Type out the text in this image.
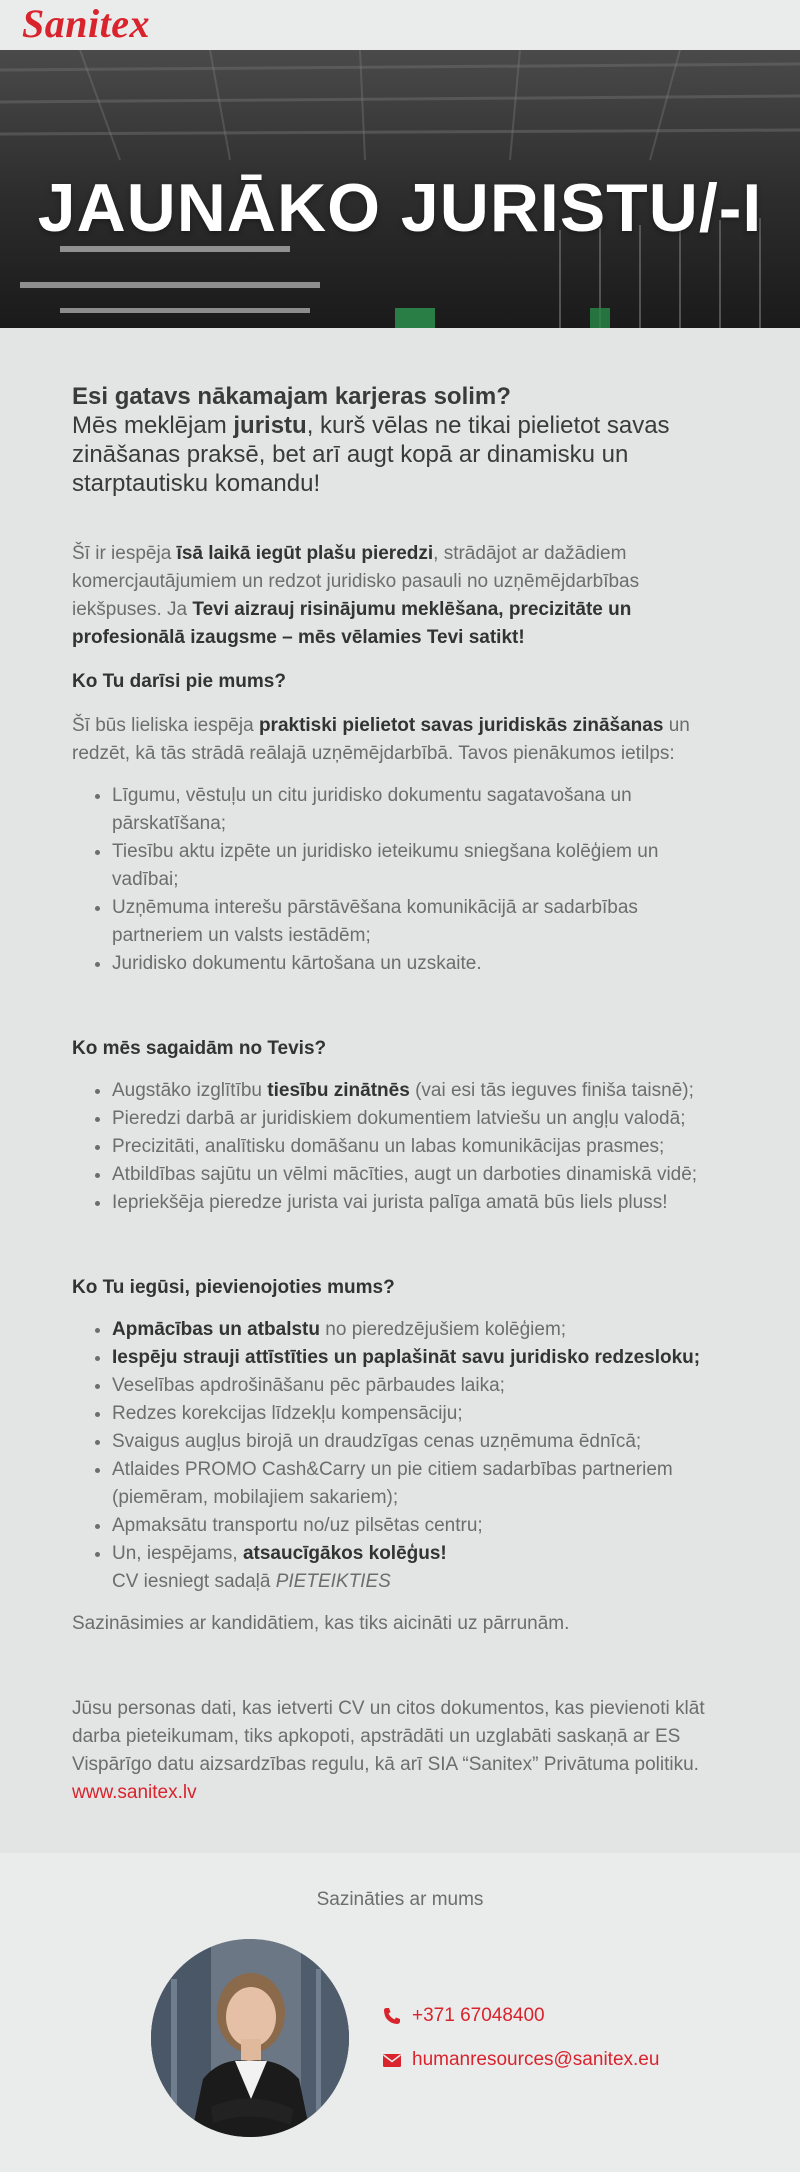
Sanitex
JAUNĀKO JURISTU/-I

Esi gatavs nākamajam karjeras solim?

Mēs meklējam juristu, kurš vēlas ne tikai pielietot savas zināšanas praksē, bet arī augt kopā ar dinamisku un starptautisku komandu!

Šī ir iespēja īsā laikā iegūt plašu pieredzi, strādājot ar dažādiem komercjautājumiem un redzot juridisko pasauli no uzņēmējdarbības iekšpuses. Ja Tevi aizrauj risinājumu meklēšana, precizitāte un profesionālā izaugsme – mēs vēlamies Tevi satikt!

Ko Tu darīsi pie mums?

Šī būs lieliska iespēja praktiski pielietot savas juridiskās zināšanas un redzēt, kā tās strādā reālajā uzņēmējdarbībā. Tavos pienākumos ietilps:

• Līgumu, vēstuļu un citu juridisko dokumentu sagatavošana un pārskatīšana;
• Tiesību aktu izpēte un juridisko ieteikumu sniegšana kolēģiem un vadībai;
• Uzņēmuma interešu pārstāvēšana komunikācijā ar sadarbības partneriem un valsts iestādēm;
• Juridisko dokumentu kārtošana un uzskaite.
Ko mēs sagaidām no Tevis?
• Augstāko izglītību tiesību zinātnēs (vai esi tās ieguves finiša taisnē);
• Pieredzi darbā ar juridiskiem dokumentiem latviešu un angļu valodā;
• Precizitāti, analītisku domāšanu un labas komunikācijas prasmes;
• Atbildības sajūtu un vēlmi mācīties, augt un darboties dinamiskā vidē;
• Iepriekšēja pieredze jurista vai jurista palīga amatā būs liels pluss!
Ko Tu iegūsi, pievienojoties mums?
• Apmācības un atbalstu no pieredzējušiem kolēģiem;
• Iespēju strauji attīstīties un paplašināt savu juridisko redzesloku;
• Veselības apdrošināšanu pēc pārbaudes laika;
• Redzes korekcijas līdzekļu kompensāciju;
• Svaigus augļus birojā un draudzīgas cenas uzņēmuma ēdnīcā;
• Atlaides PROMO Cash&Carry un pie citiem sadarbības partneriem (piemēram, mobilajiem sakariem);
• Apmaksātu transportu no/uz pilsētas centru;
• Un, iespējams, atsaucīgākos kolēģus!
CV iesniegt sadaļā PIETEIKTIES

Sazināsimies ar kandidātiem, kas tiks aicināti uz pārrunām.

Jūsu personas dati, kas ietverti CV un citos dokumentos, kas pievienoti klāt darba pieteikumam, tiks apkopoti, apstrādāti un uzglabāti saskaņā ar ES Vispārīgo datu aizsardzības regulu, kā arī SIA “Sanitex” Privātuma politiku.
www.sanitex.lv

Sazināties ar mums
+371 67048400
humanresources@sanitex.eu
